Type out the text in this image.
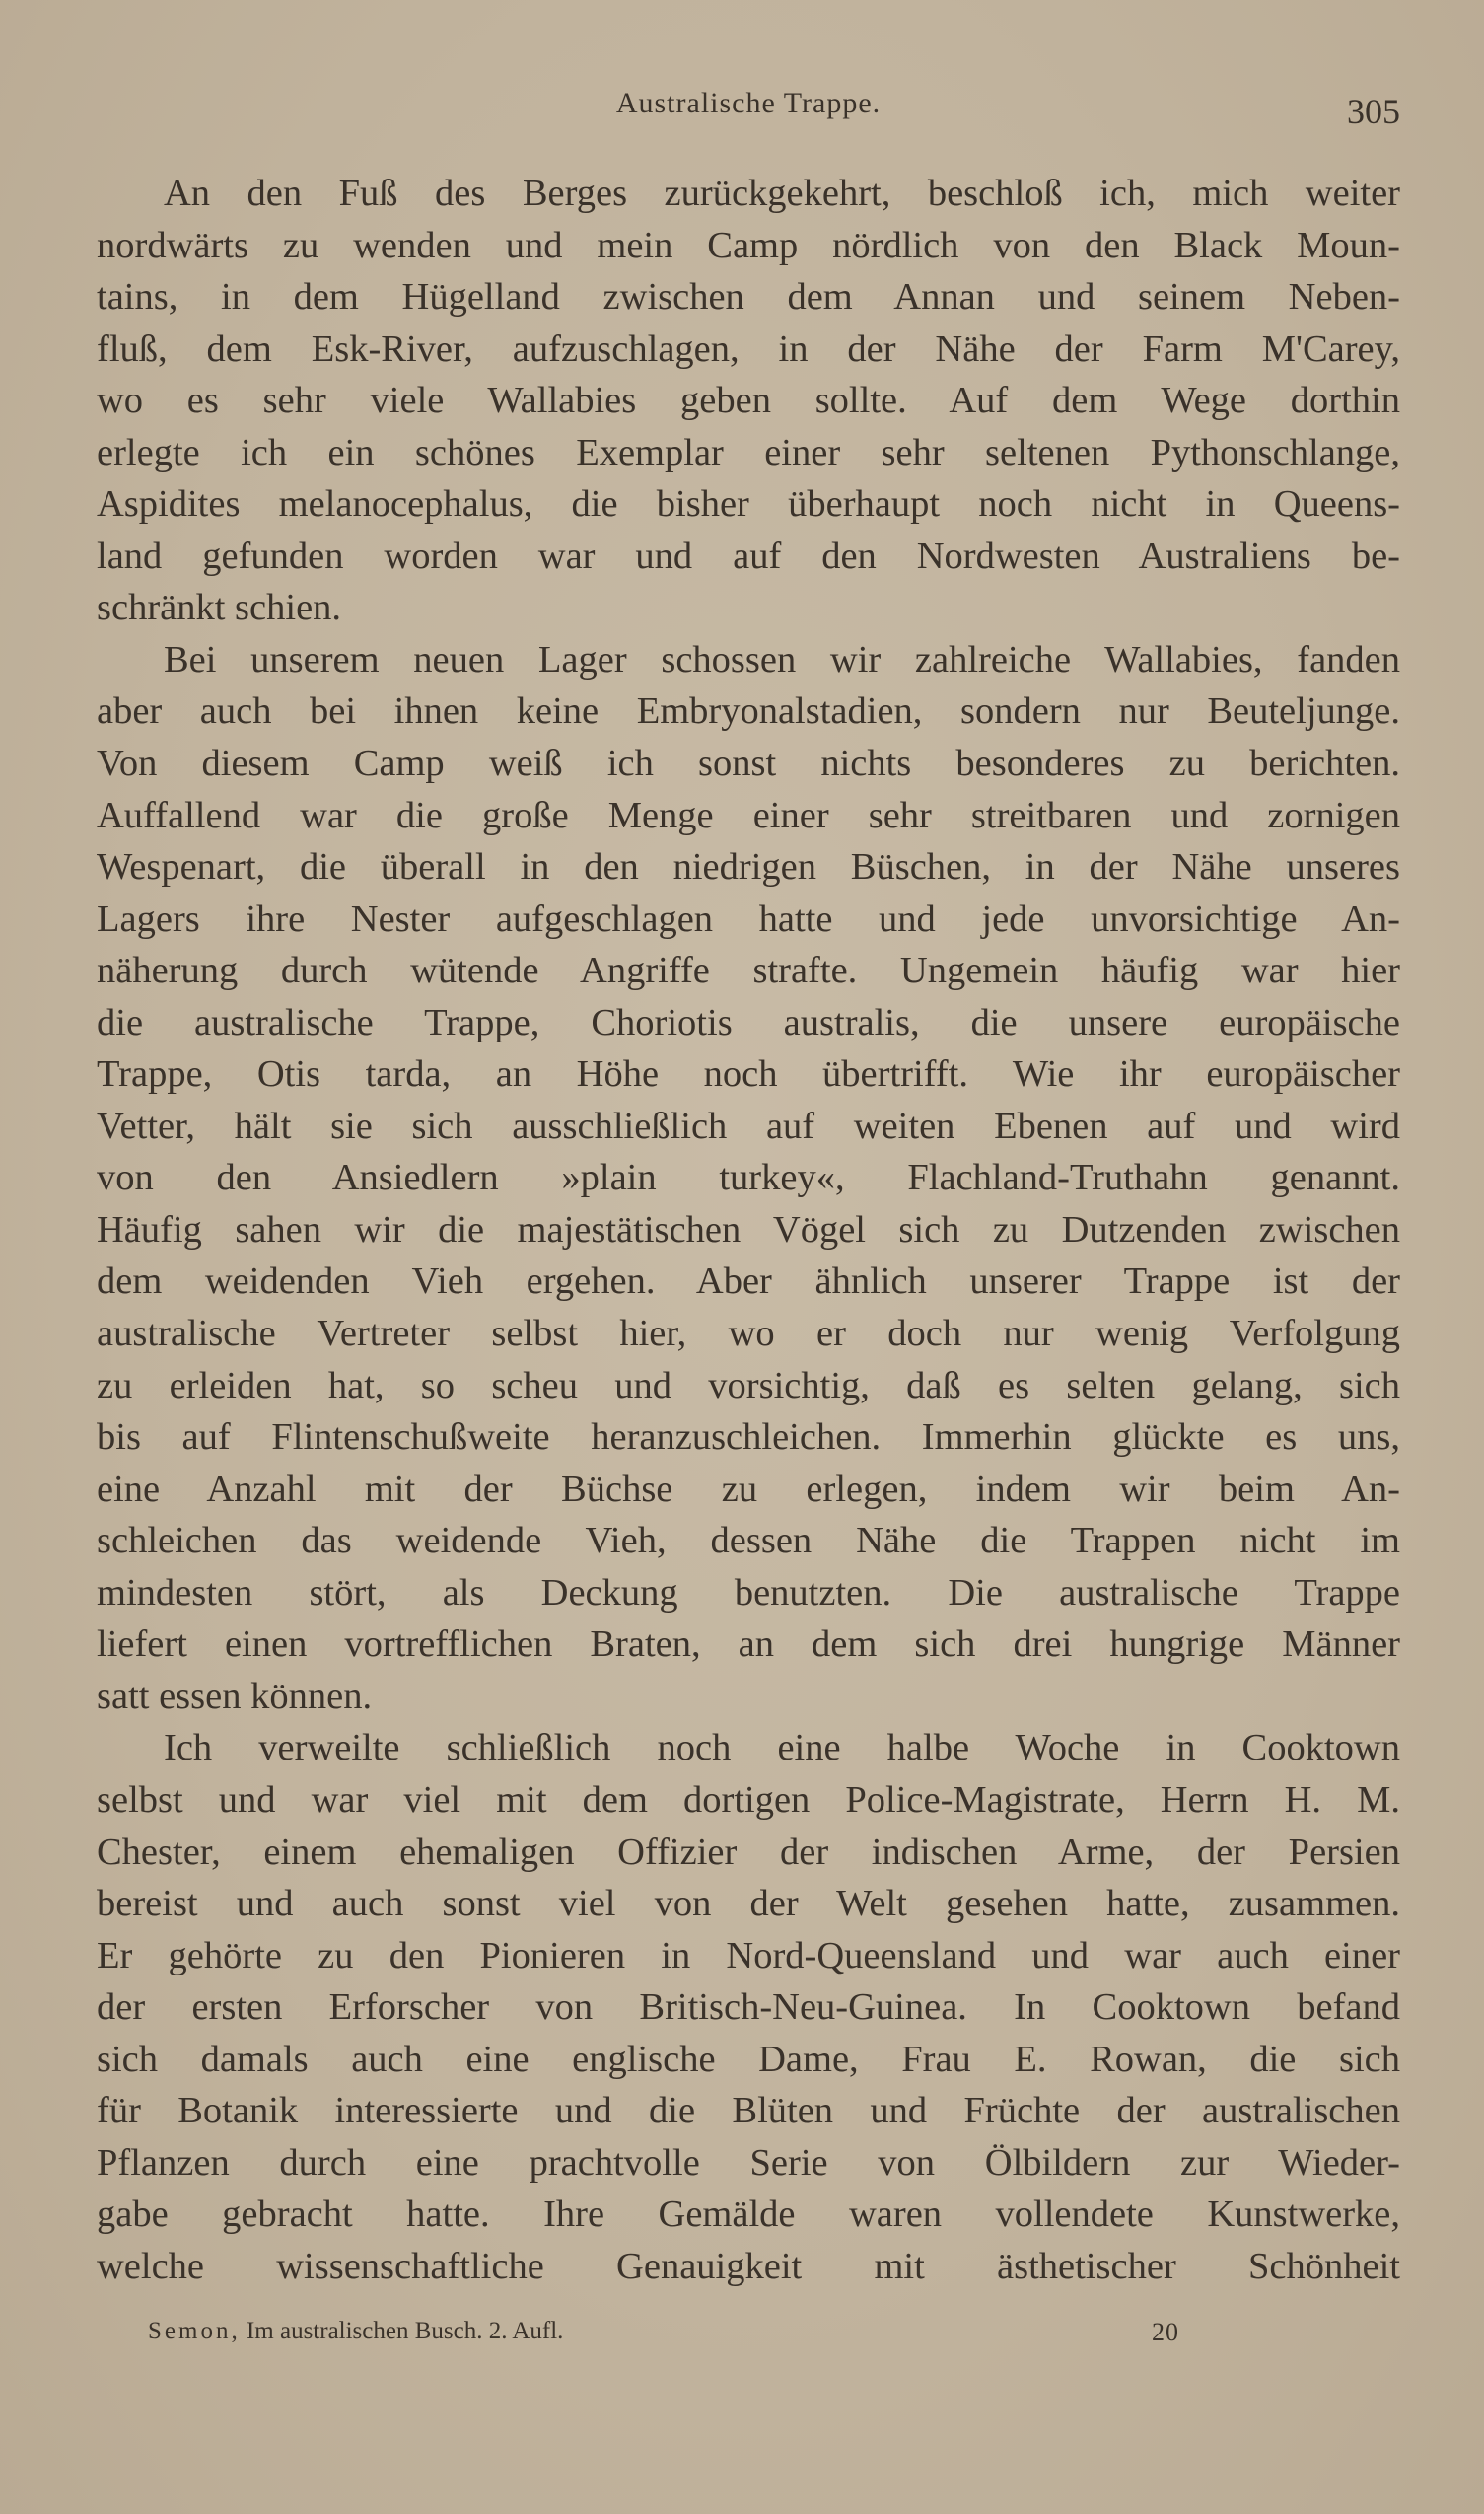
Australische Trappe.	305
An den Fuß des Berges zurückgekehrt, beschloß ich, mich weiter
nordwärts zu wenden und mein Camp nördlich von den Black Moun-
tains, in dem Hügelland zwischen dem Annan und seinem Neben-
fluß, dem Esk-River, aufzuschlagen, in der Nähe der Farm M'Carey,
wo es sehr viele Wallabies geben sollte. Auf dem Wege dorthin
erlegte ich ein schönes Exemplar einer sehr seltenen Pythonschlange,
Aspidites melanocephalus, die bisher überhaupt noch nicht in Queens-
land gefunden worden war und auf den Nordwesten Australiens be-
schränkt schien.
Bei unserem neuen Lager schossen wir zahlreiche Wallabies, fanden
aber auch bei ihnen keine Embryonalstadien, sondern nur Beuteljunge.
Von diesem Camp weiß ich sonst nichts besonderes zu berichten.
Auffallend war die große Menge einer sehr streitbaren und zornigen
Wespenart, die überall in den niedrigen Büschen, in der Nähe unseres
Lagers ihre Nester aufgeschlagen hatte und jede unvorsichtige An-
näherung durch wütende Angriffe strafte. Ungemein häufig war hier
die australische Trappe, Choriotis australis, die unsere europäische
Trappe, Otis tarda, an Höhe noch übertrifft. Wie ihr europäischer
Vetter, hält sie sich ausschließlich auf weiten Ebenen auf und wird
von den Ansiedlern »plain turkey«, Flachland-Truthahn genannt.
Häufig sahen wir die majestätischen Vögel sich zu Dutzenden zwischen
dem weidenden Vieh ergehen. Aber ähnlich unserer Trappe ist der
australische Vertreter selbst hier, wo er doch nur wenig Verfolgung
zu erleiden hat, so scheu und vorsichtig, daß es selten gelang, sich
bis auf Flintenschußweite heranzuschleichen. Immerhin glückte es uns,
eine Anzahl mit der Büchse zu erlegen, indem wir beim An-
schleichen das weidende Vieh, dessen Nähe die Trappen nicht im
mindesten stört, als Deckung benutzten. Die australische Trappe
liefert einen vortrefflichen Braten, an dem sich drei hungrige Männer
satt essen können.
Ich verweilte schließlich noch eine halbe Woche in Cooktown
selbst und war viel mit dem dortigen Police-Magistrate, Herrn H. M.
Chester, einem ehemaligen Offizier der indischen Arme, der Persien
bereist und auch sonst viel von der Welt gesehen hatte, zusammen.
Er gehörte zu den Pionieren in Nord-Queensland und war auch einer
der ersten Erforscher von Britisch-Neu-Guinea. In Cooktown befand
sich damals auch eine englische Dame, Frau E. Rowan, die sich
für Botanik interessierte und die Blüten und Früchte der australischen
Pflanzen durch eine prachtvolle Serie von Ölbildern zur Wieder-
gabe gebracht hatte. Ihre Gemälde waren vollendete Kunstwerke,
welche wissenschaftliche Genauigkeit mit ästhetischer Schönheit
Semon, Im australischen Busch. 2. Aufl.	20
